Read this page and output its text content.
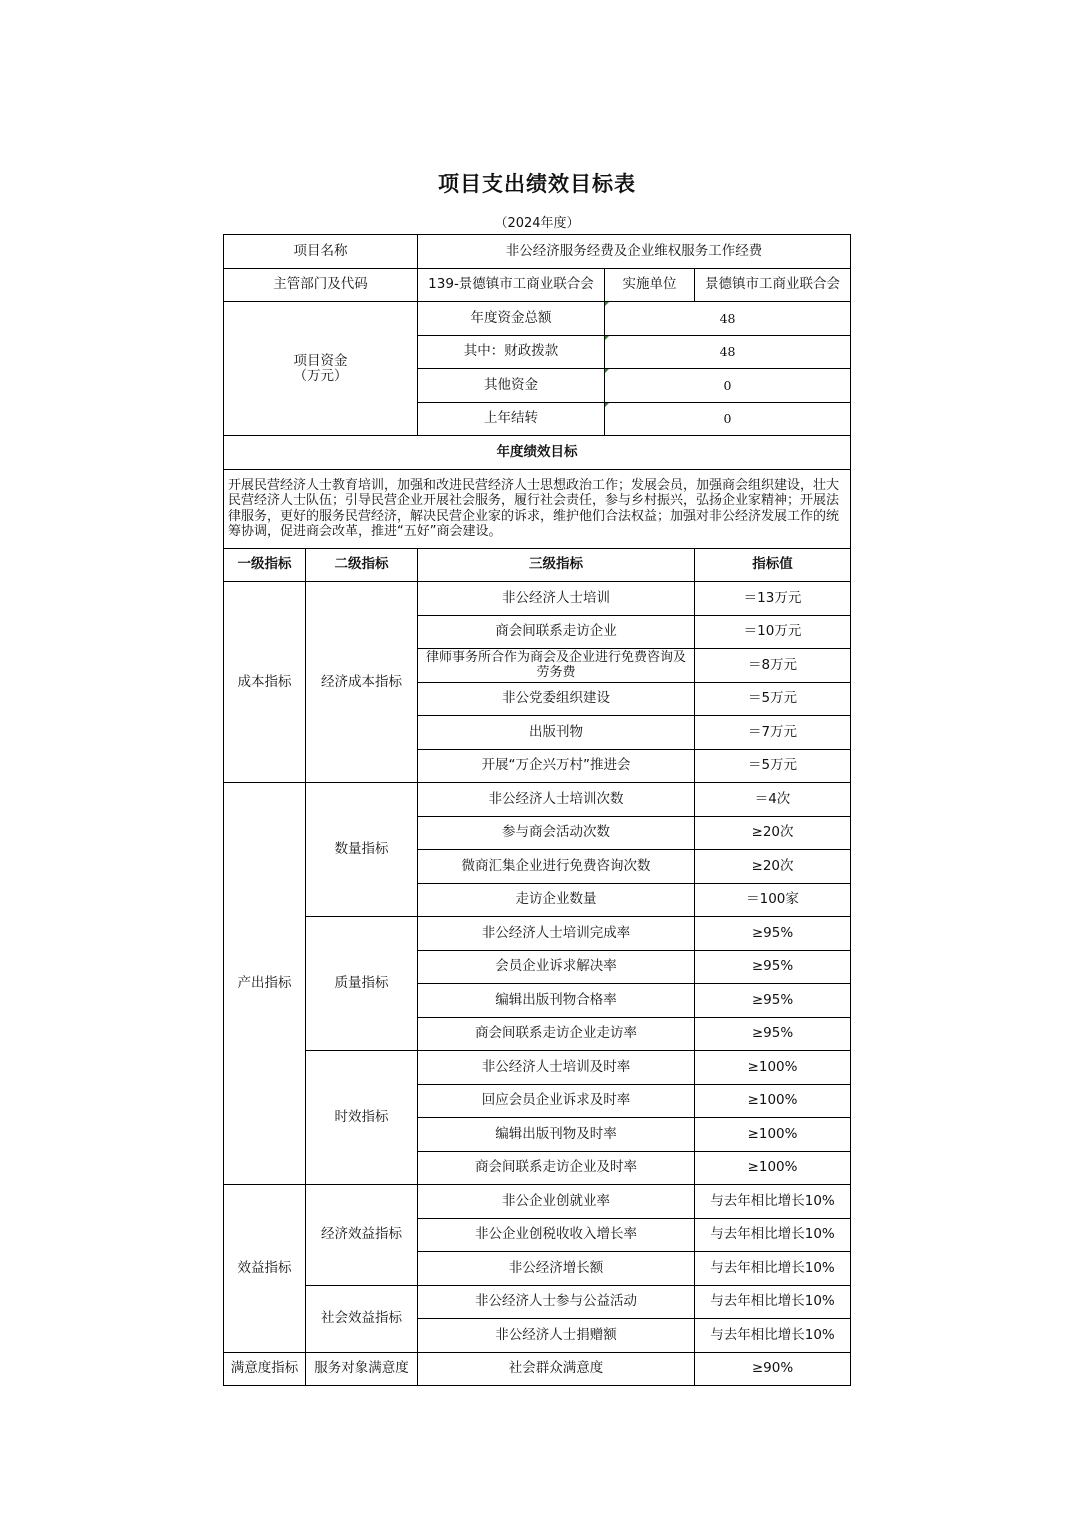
项目支出绩效目标表
（2024年度）
项目名称		非公经济服务经费及企业维权服务工作经费		
主管部门及代码		139-景德镇市工商业联合会	实施单位	景德镇市工商业联合会
项目资金
（万元）		年度资金总额	48	
		其中：财政拨款	48	
		其他资金	0	
		上年结转	0	
年度绩效目标				
开展民营经济人士教育培训，加强和改进民营经济人士思想政治工作；发展会员，加强商会组织建设，壮大民营经济人士队伍；引导民营企业开展社会服务，履行社会责任，参与乡村振兴，弘扬企业家精神；开展法律服务，更好的服务民营经济，解决民营企业家的诉求，维护他们合法权益；加强对非公经济发展工作的统筹协调，促进商会改革，推进“五好”商会建设。				
一级指标	二级指标	三级指标		指标值
成本指标	经济成本指标	非公经济人士培训		＝13万元
		商会间联系走访企业		＝10万元
		律师事务所合作为商会及企业进行免费咨询及劳务费		＝8万元
		非公党委组织建设		＝5万元
		出版刊物		＝7万元
		开展“万企兴万村”推进会		＝5万元
产出指标	数量指标	非公经济人士培训次数		＝4次
		参与商会活动次数		≥20次
		微商汇集企业进行免费咨询次数		≥20次
		走访企业数量		＝100家
	质量指标	非公经济人士培训完成率		≥95%
		会员企业诉求解决率		≥95%
		编辑出版刊物合格率		≥95%
		商会间联系走访企业走访率		≥95%
	时效指标	非公经济人士培训及时率		≥100%
		回应会员企业诉求及时率		≥100%
		编辑出版刊物及时率		≥100%
		商会间联系走访企业及时率		≥100%
效益指标	经济效益指标	非公企业创就业率		与去年相比增长10%
		非公企业创税收收入增长率		与去年相比增长10%
		非公经济增长额		与去年相比增长10%
	社会效益指标	非公经济人士参与公益活动		与去年相比增长10%
		非公经济人士捐赠额		与去年相比增长10%
满意度指标	服务对象满意度	社会群众满意度		≥90%
